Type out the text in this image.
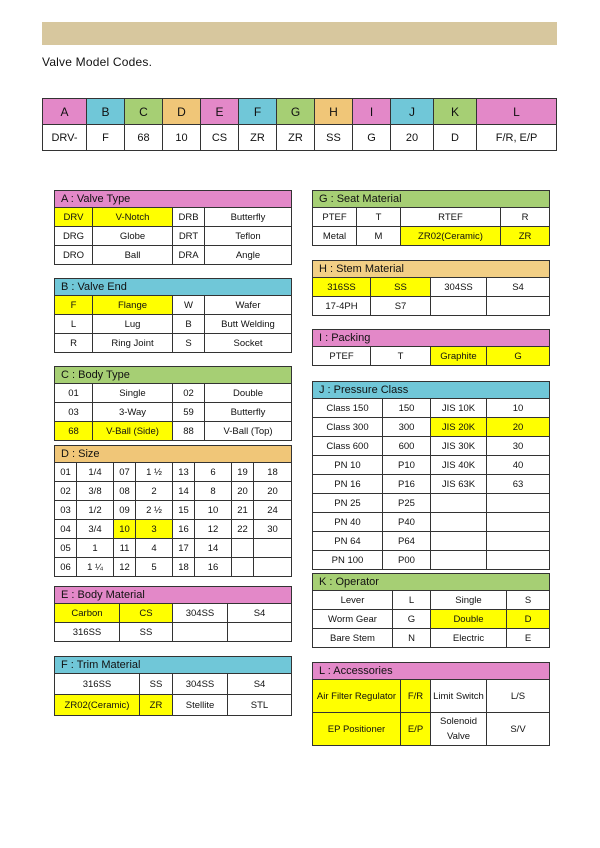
Valve Model Codes.
A	B	C	D	E	F	G	H	I	J	K	L
DRV-	F	68	10	CS	ZR	ZR	SS	G	20	D	F/R, E/P
A : Valve Type			
DRV	V-Notch	DRB	Butterfly
DRG	Globe	DRT	Teflon
DRO	Ball	DRA	Angle
B : Valve End			
F	Flange	W	Wafer
L	Lug	B	Butt Welding
R	Ring Joint	S	Socket
C : Body Type			
01	Single	02	Double
03	3-Way	59	Butterfly
68	V-Ball (Side)	88	V-Ball (Top)
D : Size							
01	1/4	07	1 ½	13	6	19	18
02	3/8	08	2	14	8	20	20
03	1/2	09	2 ½	15	10	21	24
04	3/4	10	3	16	12	22	30
05	1	11	4	17	14		
06	1 ¼	12	5	18	16		
E : Body Material			
Carbon	CS	304SS	S4
316SS	SS		
F : Trim Material			
316SS	SS	304SS	S4
ZR02(Ceramic)	ZR	Stellite	STL
G : Seat Material			
PTEF	T	RTEF	R
Metal	M	ZR02(Ceramic)	ZR
H : Stem Material			
316SS	SS	304SS	S4
17-4PH	S7		
I : Packing
PTEF	T	Graphite	G
J : Pressure Class			
Class 150	150	JIS 10K	10
Class 300	300	JIS 20K	20
Class 600	600	JIS 30K	30
PN 10	P10	JIS 40K	40
PN 16	P16	JIS 63K	63
PN 25	P25		
PN 40	P40		
PN 64	P64		
PN 100	P00		
K : Operator			
Lever	L	Single	S
Worm Gear	G	Double	D
Bare Stem	N	Electric	E
L : Accessories			
Air Filter Regulator	F/R	Limit Switch	L/S
EP Positioner	E/P	Solenoid Valve	S/V
